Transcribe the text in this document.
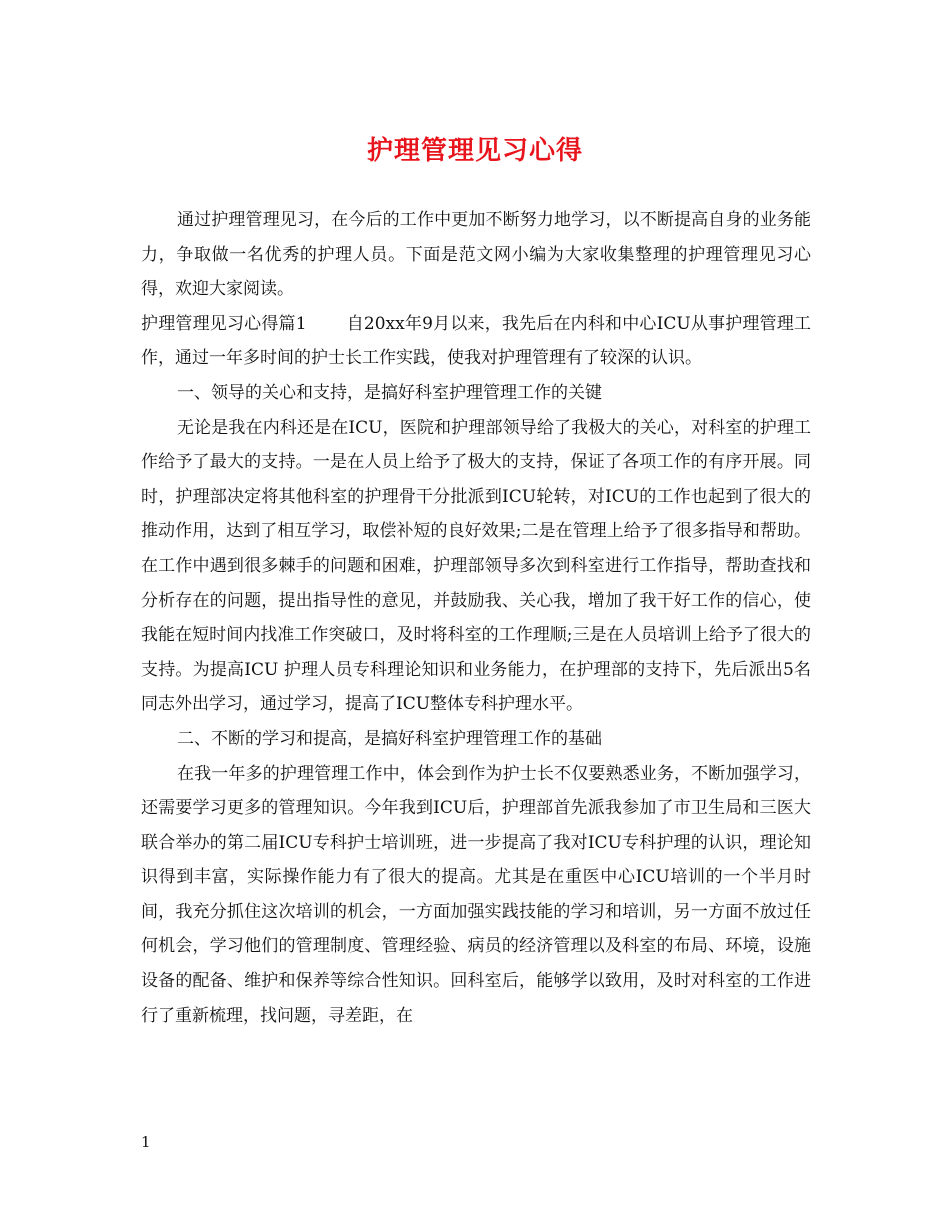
护理管理见习心得

通过护理管理见习，在今后的工作中更加不断努力地学习，以不断提高自身的业务能力，争取做一名优秀的护理人员。下面是范文网小编为大家收集整理的护理管理见习心得，欢迎大家阅读。

护理管理见习心得篇1 自20xx年9月以来，我先后在内科和中心ICU从事护理管理工作，通过一年多时间的护士长工作实践，使我对护理管理有了较深的认识。

一、领导的关心和支持，是搞好科室护理管理工作的关键

无论是我在内科还是在ICU，医院和护理部领导给了我极大的关心，对科室的护理工作给予了最大的支持。一是在人员上给予了极大的支持，保证了各项工作的有序开展。同时，护理部决定将其他科室的护理骨干分批派到ICU轮转，对ICU的工作也起到了很大的推动作用，达到了相互学习，取偿补短的良好效果;二是在管理上给予了很多指导和帮助。在工作中遇到很多棘手的问题和困难，护理部领导多次到科室进行工作指导，帮助查找和分析存在的问题，提出指导性的意见，并鼓励我、关心我，增加了我干好工作的信心，使我能在短时间内找准工作突破口，及时将科室的工作理顺;三是在人员培训上给予了很大的支持。为提高ICU 护理人员专科理论知识和业务能力，在护理部的支持下，先后派出5名同志外出学习，通过学习，提高了ICU整体专科护理水平。

二、不断的学习和提高，是搞好科室护理管理工作的基础

在我一年多的护理管理工作中，体会到作为护士长不仅要熟悉业务，不断加强学习，还需要学习更多的管理知识。今年我到ICU后，护理部首先派我参加了市卫生局和三医大联合举办的第二届ICU专科护士培训班，进一步提高了我对ICU专科护理的认识，理论知识得到丰富，实际操作能力有了很大的提高。尤其是在重医中心ICU培训的一个半月时间，我充分抓住这次培训的机会，一方面加强实践技能的学习和培训，另一方面不放过任何机会，学习他们的管理制度、管理经验、病员的经济管理以及科室的布局、环境，设施设备的配备、维护和保养等综合性知识。回科室后，能够学以致用，及时对科室的工作进行了重新梳理，找问题，寻差距，在

1
